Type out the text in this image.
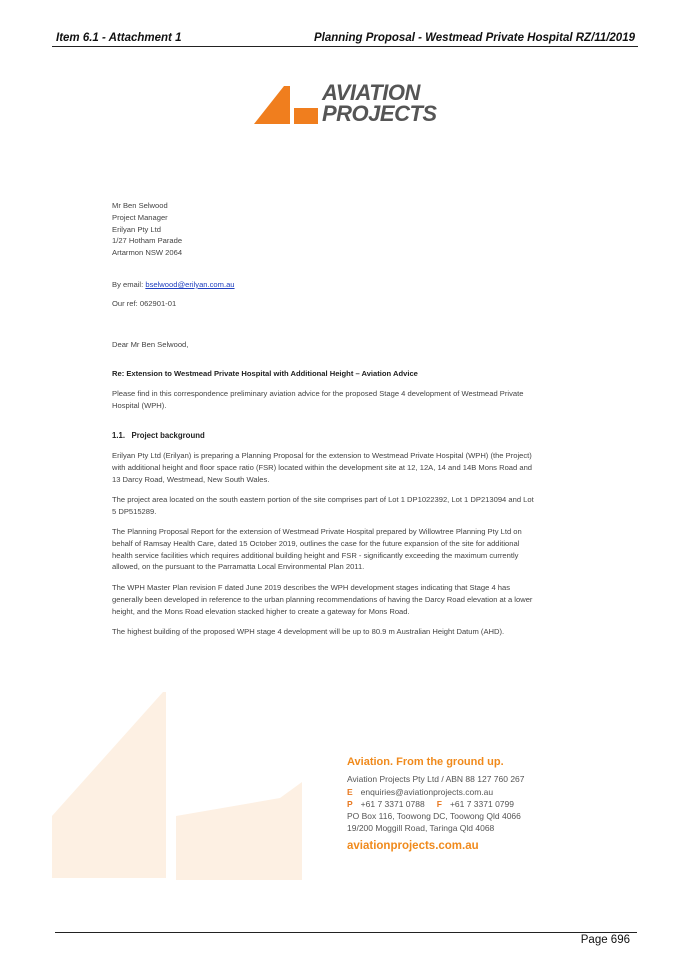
Item 6.1 - Attachment 1	Planning Proposal - Westmead Private Hospital RZ/11/2019
AVIATION
PROJECTS
Mr Ben Selwood
Project Manager
Erilyan Pty Ltd
1/27 Hotham Parade
Artarmon NSW 2064
By email: bselwood@erilyan.com.au
Our ref: 062901-01
Dear Mr Ben Selwood,
Re: Extension to Westmead Private Hospital with Additional Height – Aviation Advice
Please find in this correspondence preliminary aviation advice for the proposed Stage 4 development of Westmead Private Hospital (WPH).
1.1. Project background
Erilyan Pty Ltd (Erilyan) is preparing a Planning Proposal for the extension to Westmead Private Hospital (WPH) (the Project) with additional height and floor space ratio (FSR) located within the development site at 12, 12A, 14 and 14B Mons Road and 13 Darcy Road, Westmead, New South Wales.
The project area located on the south eastern portion of the site comprises part of Lot 1 DP1022392, Lot 1 DP213094 and Lot 5 DP515289.
The Planning Proposal Report for the extension of Westmead Private Hospital prepared by Willowtree Planning Pty Ltd on behalf of Ramsay Health Care, dated 15 October 2019, outlines the case for the future expansion of the site for additional health service facilities which requires additional building height and FSR - significantly exceeding the maximum currently allowed, on the pursuant to the Parramatta Local Environmental Plan 2011.
The WPH Master Plan revision F dated June 2019 describes the WPH development stages indicating that Stage 4 has generally been developed in reference to the urban planning recommendations of having the Darcy Road elevation at a lower height, and the Mons Road elevation stacked higher to create a gateway for Mons Road.
The highest building of the proposed WPH stage 4 development will be up to 80.9 m Australian Height Datum (AHD).
Aviation. From the ground up.
Aviation Projects Pty Ltd / ABN 88 127 760 267
E enquiries@aviationprojects.com.au
P +61 7 3371 0788 F +61 7 3371 0799
PO Box 116, Toowong DC, Toowong Qld 4066
19/200 Moggill Road, Taringa Qld 4068
aviationprojects.com.au
Page 696
